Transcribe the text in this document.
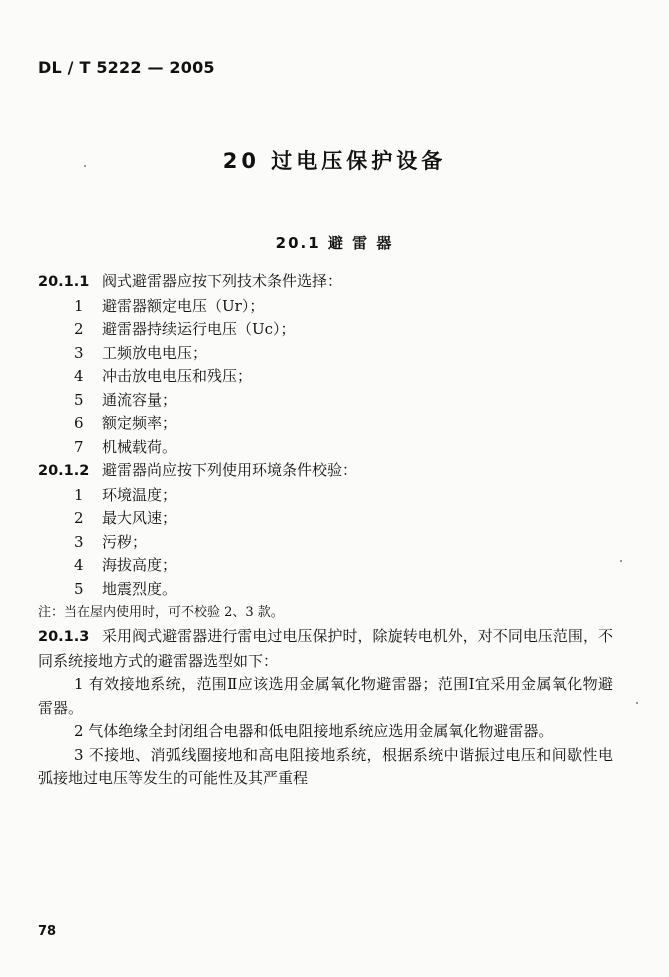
DL / T 5222 — 2005
20 过电压保护设备
20.1 避 雷 器
20.1.1 阀式避雷器应按下列技术条件选择：
1 避雷器额定电压（Ur）；
2 避雷器持续运行电压（Uc）；
3 工频放电电压；
4 冲击放电电压和残压；
5 通流容量；
6 额定频率；
7 机械载荷。
20.1.2 避雷器尚应按下列使用环境条件校验：
1 环境温度；
2 最大风速；
3 污秽；
4 海拔高度；
5 地震烈度。
注：当在屋内使用时，可不校验 2、3 款。
20.1.3 采用阀式避雷器进行雷电过电压保护时，除旋转电机外，对不同电压范围，不同系统接地方式的避雷器选型如下：
1 有效接地系统，范围Ⅱ应该选用金属氧化物避雷器；范围Ⅰ宜采用金属氧化物避雷器。
2 气体绝缘全封闭组合电器和低电阻接地系统应选用金属氧化物避雷器。
3 不接地、消弧线圈接地和高电阻接地系统，根据系统中谐振过电压和间歇性电弧接地过电压等发生的可能性及其严重程
78
